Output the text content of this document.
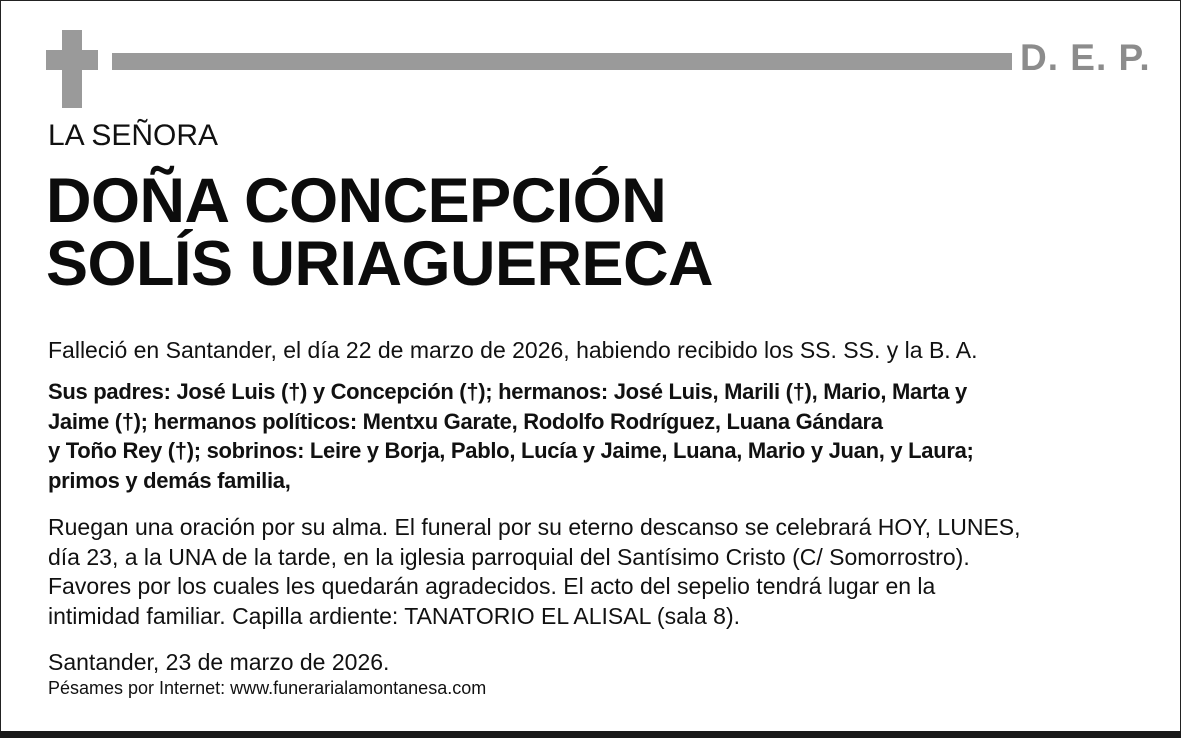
D. E. P.
LA SEÑORA
DOÑA CONCEPCIÓN
SOLÍS URIAGUERECA
Falleció en Santander, el día 22 de marzo de 2026, habiendo recibido los SS. SS. y la B. A.
Sus padres: José Luis (†) y Concepción (†); hermanos: José Luis, Marili (†), Mario, Marta y
Jaime (†); hermanos políticos: Mentxu Garate, Rodolfo Rodríguez, Luana Gándara
y Toño Rey (†); sobrinos: Leire y Borja, Pablo, Lucía y Jaime, Luana, Mario y Juan, y Laura;
primos y demás familia,
Ruegan una oración por su alma. El funeral por su eterno descanso se celebrará HOY, LUNES,
día 23, a la UNA de la tarde, en la iglesia parroquial del Santísimo Cristo (C/ Somorrostro).
Favores por los cuales les quedarán agradecidos. El acto del sepelio tendrá lugar en la
intimidad familiar. Capilla ardiente: TANATORIO EL ALISAL (sala 8).
Santander, 23 de marzo de 2026.
Pésames por Internet: www.funerarialamontanesa.com
